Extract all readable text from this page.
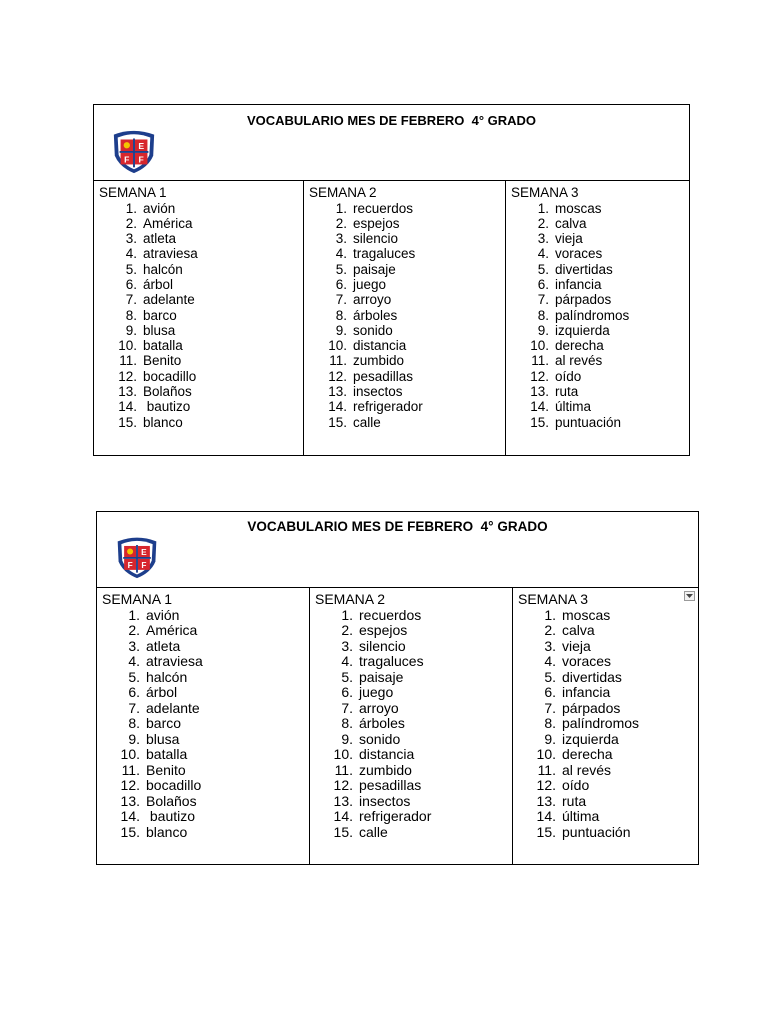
VOCABULARIO MES DE FEBRERO  4° GRADO
E
F F
SEMANA 1
1. avión
2. América
3. atleta
4. atraviesa
5. halcón
6. árbol
7. adelante
8. barco
9. blusa
10. batalla
11. Benito
12. bocadillo
13. Bolaños
14. bautizo
15. blanco
SEMANA 2
1. recuerdos
2. espejos
3. silencio
4. tragaluces
5. paisaje
6. juego
7. arroyo
8. árboles
9. sonido
10. distancia
11. zumbido
12. pesadillas
13. insectos
14. refrigerador
15. calle
SEMANA 3
1. moscas
2. calva
3. vieja
4. voraces
5. divertidas
6. infancia
7. párpados
8. palíndromos
9. izquierda
10. derecha
11. al revés
12. oído
13. ruta
14. última
15. puntuación
VOCABULARIO MES DE FEBRERO  4° GRADO
E
F F
SEMANA 1
1. avión
2. América
3. atleta
4. atraviesa
5. halcón
6. árbol
7. adelante
8. barco
9. blusa
10. batalla
11. Benito
12. bocadillo
13. Bolaños
14. bautizo
15. blanco
SEMANA 2
1. recuerdos
2. espejos
3. silencio
4. tragaluces
5. paisaje
6. juego
7. arroyo
8. árboles
9. sonido
10. distancia
11. zumbido
12. pesadillas
13. insectos
14. refrigerador
15. calle
SEMANA 3
1. moscas
2. calva
3. vieja
4. voraces
5. divertidas
6. infancia
7. párpados
8. palíndromos
9. izquierda
10. derecha
11. al revés
12. oído
13. ruta
14. última
15. puntuación
